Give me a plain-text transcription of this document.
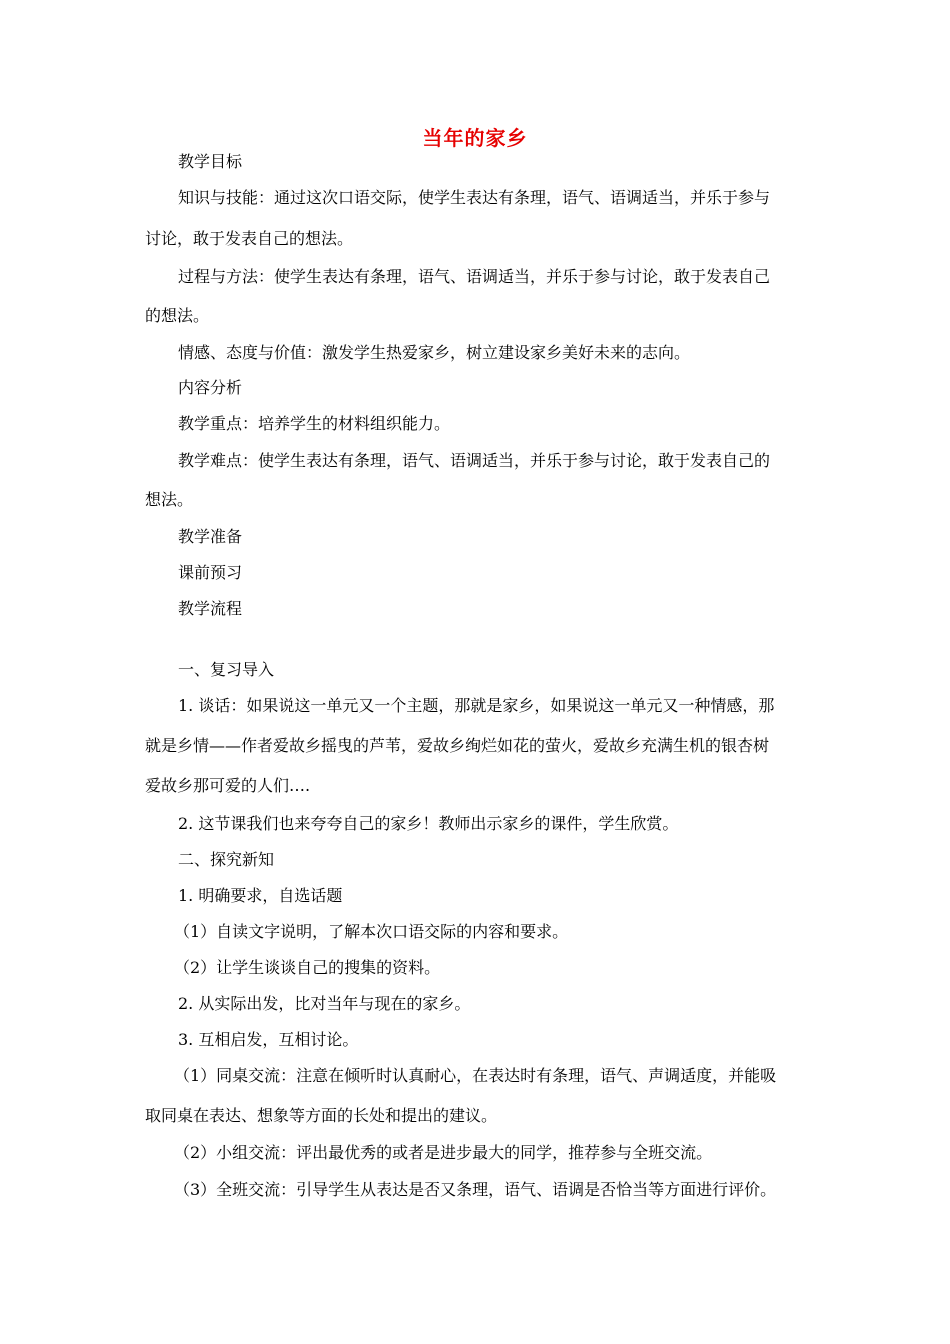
当年的家乡
教学目标
知识与技能：通过这次口语交际，使学生表达有条理，语气、语调适当，并乐于参与
讨论，敢于发表自己的想法。
过程与方法：使学生表达有条理，语气、语调适当，并乐于参与讨论，敢于发表自己
的想法。
情感、态度与价值：激发学生热爱家乡，树立建设家乡美好未来的志向。
内容分析
教学重点：培养学生的材料组织能力。
教学难点：使学生表达有条理，语气、语调适当，并乐于参与讨论，敢于发表自己的
想法。
教学准备
课前预习
教学流程
一、复习导入
1. 谈话：如果说这一单元又一个主题，那就是家乡，如果说这一单元又一种情感，那
就是乡情——作者爱故乡摇曳的芦苇，爱故乡绚烂如花的萤火，爱故乡充满生机的银杏树
爱故乡那可爱的人们….
2. 这节课我们也来夸夸自己的家乡！教师出示家乡的课件，学生欣赏。
二、探究新知
1. 明确要求，自选话题
（1）自读文字说明，了解本次口语交际的内容和要求。
（2）让学生谈谈自己的搜集的资料。
2. 从实际出发，比对当年与现在的家乡。
3. 互相启发，互相讨论。
（1）同桌交流：注意在倾听时认真耐心，在表达时有条理，语气、声调适度，并能吸
取同桌在表达、想象等方面的长处和提出的建议。
（2）小组交流：评出最优秀的或者是进步最大的同学，推荐参与全班交流。
（3）全班交流：引导学生从表达是否又条理，语气、语调是否恰当等方面进行评价。
